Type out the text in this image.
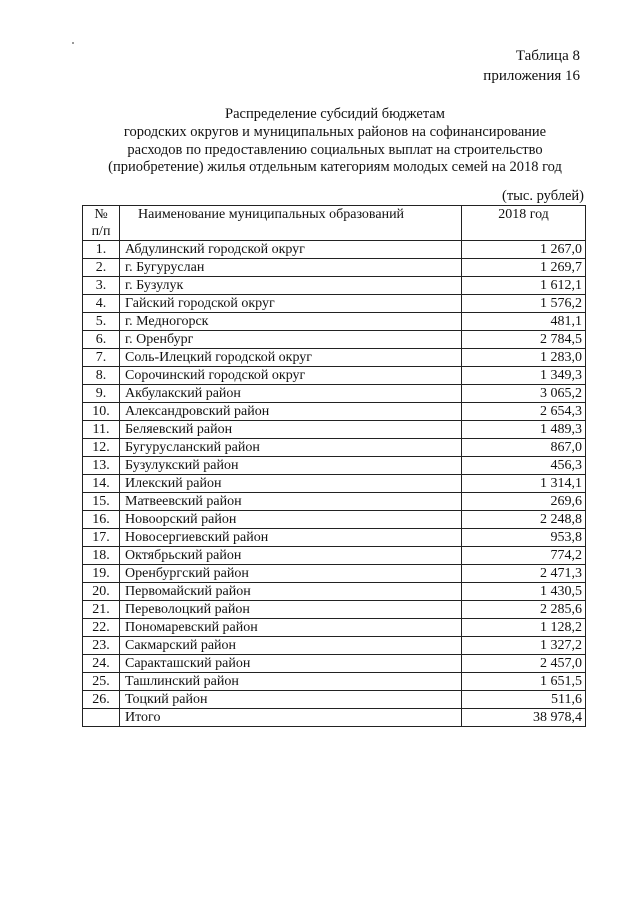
Таблица 8
приложения 16
Распределение субсидий бюджетам
городских округов и муниципальных районов на софинансирование
расходов по предоставлению социальных выплат на строительство
(приобретение) жилья отдельным категориям молодых семей на 2018 год
(тыс. рублей)
№
п/п	Наименование муниципальных образований	2018 год
1.	Абдулинский городской округ	1 267,0
2.	г. Бугуруслан	1 269,7
3.	г. Бузулук	1 612,1
4.	Гайский городской округ	1 576,2
5.	г. Медногорск	481,1
6.	г. Оренбург	2 784,5
7.	Соль-Илецкий городской округ	1 283,0
8.	Сорочинский городской округ	1 349,3
9.	Акбулакский район	3 065,2
10.	Александровский район	2 654,3
11.	Беляевский район	1 489,3
12.	Бугурусланский район	867,0
13.	Бузулукский район	456,3
14.	Илекский район	1 314,1
15.	Матвеевский район	269,6
16.	Новоорский район	2 248,8
17.	Новосергиевский район	953,8
18.	Октябрьский район	774,2
19.	Оренбургский район	2 471,3
20.	Первомайский район	1 430,5
21.	Переволоцкий район	2 285,6
22.	Пономаревский район	1 128,2
23.	Сакмарский район	1 327,2
24.	Саракташский район	2 457,0
25.	Ташлинский район	1 651,5
26.	Тоцкий район	511,6
	Итого	38 978,4
